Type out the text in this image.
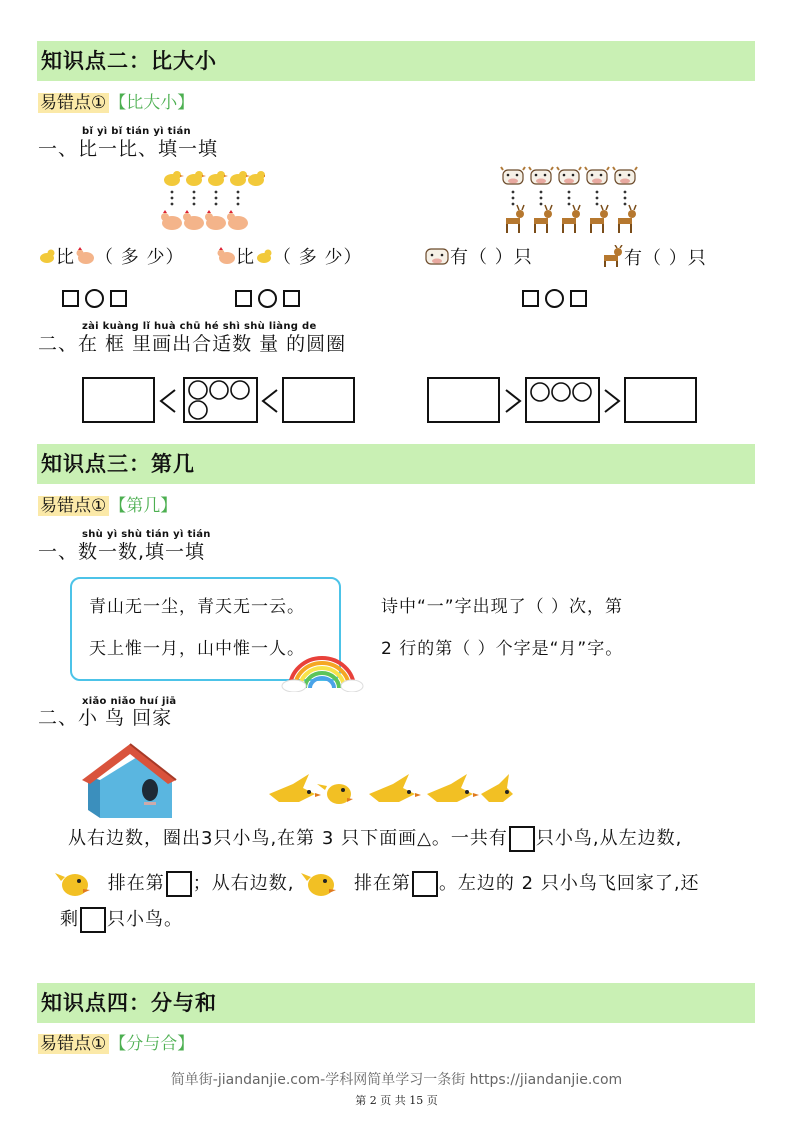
知识点二：比大小
易错点① 【比大小】
bǐ yì bǐ tián yì tián
一、比一比、填一填
比 （ 多 少）	比 （ 多 少）	有（ ）只	有（ ）只
zài kuàng lǐ huà chū hé shì shù liàng de
二、在 框 里画出合适数 量 的圆圈
知识点三：第几
易错点① 【第几】
shù yì shù tián yì tián
一、数一数,填一填
青山无一尘，青天无一云。
天上惟一月，山中惟一人。
诗中“一”字出现了（ ）次，第
2 行的第（ ）个字是“月”字。
xiǎo niǎo huí jiā
二、小 鸟 回家
从右边数，圈出3只小鸟,在第 3 只下面画△。一共有 只小鸟,从左边数,
排在第 ；从右边数,	排在第 。左边的 2 只小鸟飞回家了,还
剩 只小鸟。
知识点四：分与和
易错点① 【分与合】
简单街-jiandanjie.com-学科网简单学习一条街 https://jiandanjie.com
第 2 页 共 15 页
